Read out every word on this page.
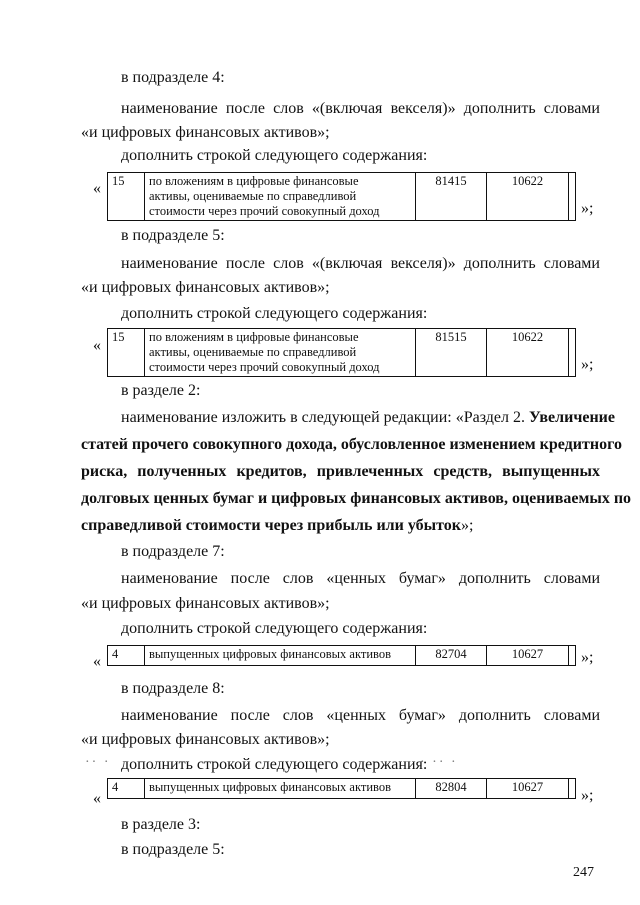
в подразделе 4:
наименование после слов «(включая векселя)» дополнить словами
«и цифровых финансовых активов»;
дополнить строкой следующего содержания:
« 15	по вложениям в цифровые финансовые
активы, оцениваемые по справедливой
стоимости через прочий совокупный доход
	81415	10622	
»;
в подразделе 5:
наименование после слов «(включая векселя)» дополнить словами
«и цифровых финансовых активов»;
дополнить строкой следующего содержания:
« 15	по вложениям в цифровые финансовые
активы, оцениваемые по справедливой
стоимости через прочий совокупный доход
	81515	10622	
»;
в разделе 2:
наименование изложить в следующей редакции: «Раздел 2. Увеличение
статей прочего совокупного дохода, обусловленное изменением кредитного
риска, полученных кредитов, привлеченных средств, выпущенных
долговых ценных бумаг и цифровых финансовых активов, оцениваемых по
справедливой стоимости через прибыль или убыток»;
в подразделе 7:
наименование после слов «ценных бумаг» дополнить словами
«и цифровых финансовых активов»;
дополнить строкой следующего содержания:
« 4	выпущенных цифровых финансовых активов	82704	10627	»;
в подразделе 8:
наименование после слов «ценных бумаг» дополнить словами
«и цифровых финансовых активов»;
·· · дополнить строкой следующего содержания:
· ·· ·
«
4	выпущенных цифровых финансовых активов	82804	10627	»;
в разделе 3:
в подразделе 5:
247
